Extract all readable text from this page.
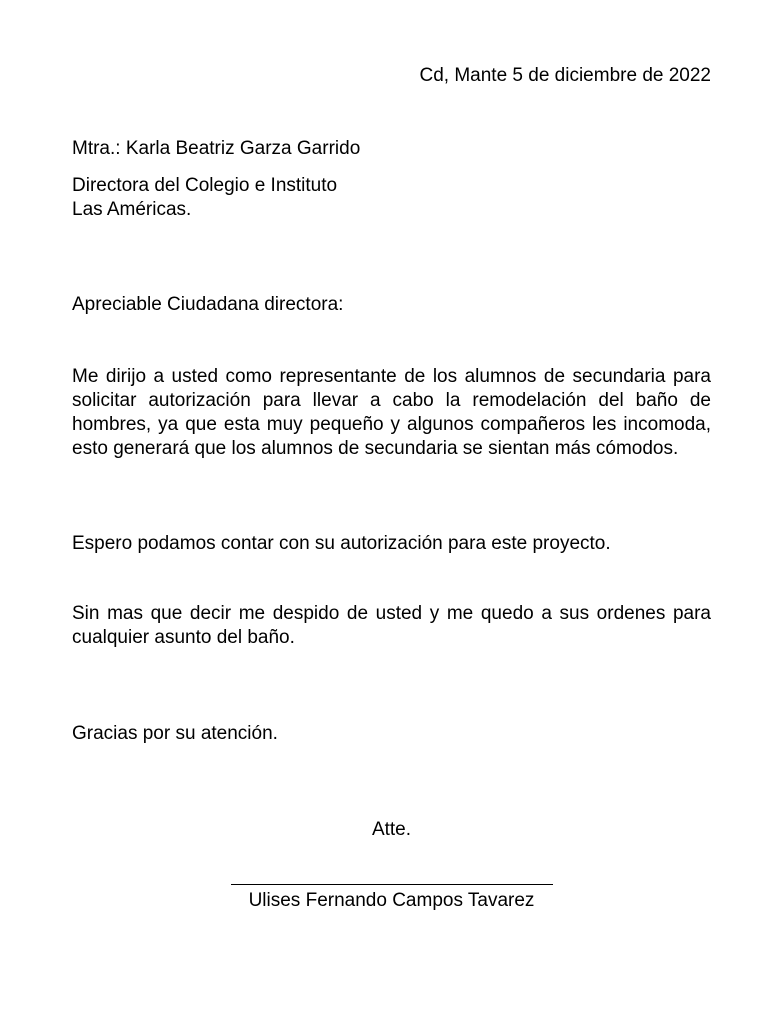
Cd, Mante 5 de diciembre de 2022
Mtra.: Karla Beatriz Garza Garrido
Directora del Colegio e Instituto
Las Américas.
Apreciable Ciudadana directora:
Me dirijo a usted como representante de los alumnos de secundaria para solicitar autorización para llevar a cabo la remodelación del baño de hombres, ya que esta muy pequeño y algunos compañeros les incomoda, esto generará que los alumnos de secundaria se sientan más cómodos.
Espero podamos contar con su autorización para este proyecto.
Sin mas que decir me despido de usted y me quedo a sus ordenes para cualquier asunto del baño.
Gracias por su atención.
Atte.
Ulises Fernando Campos Tavarez
